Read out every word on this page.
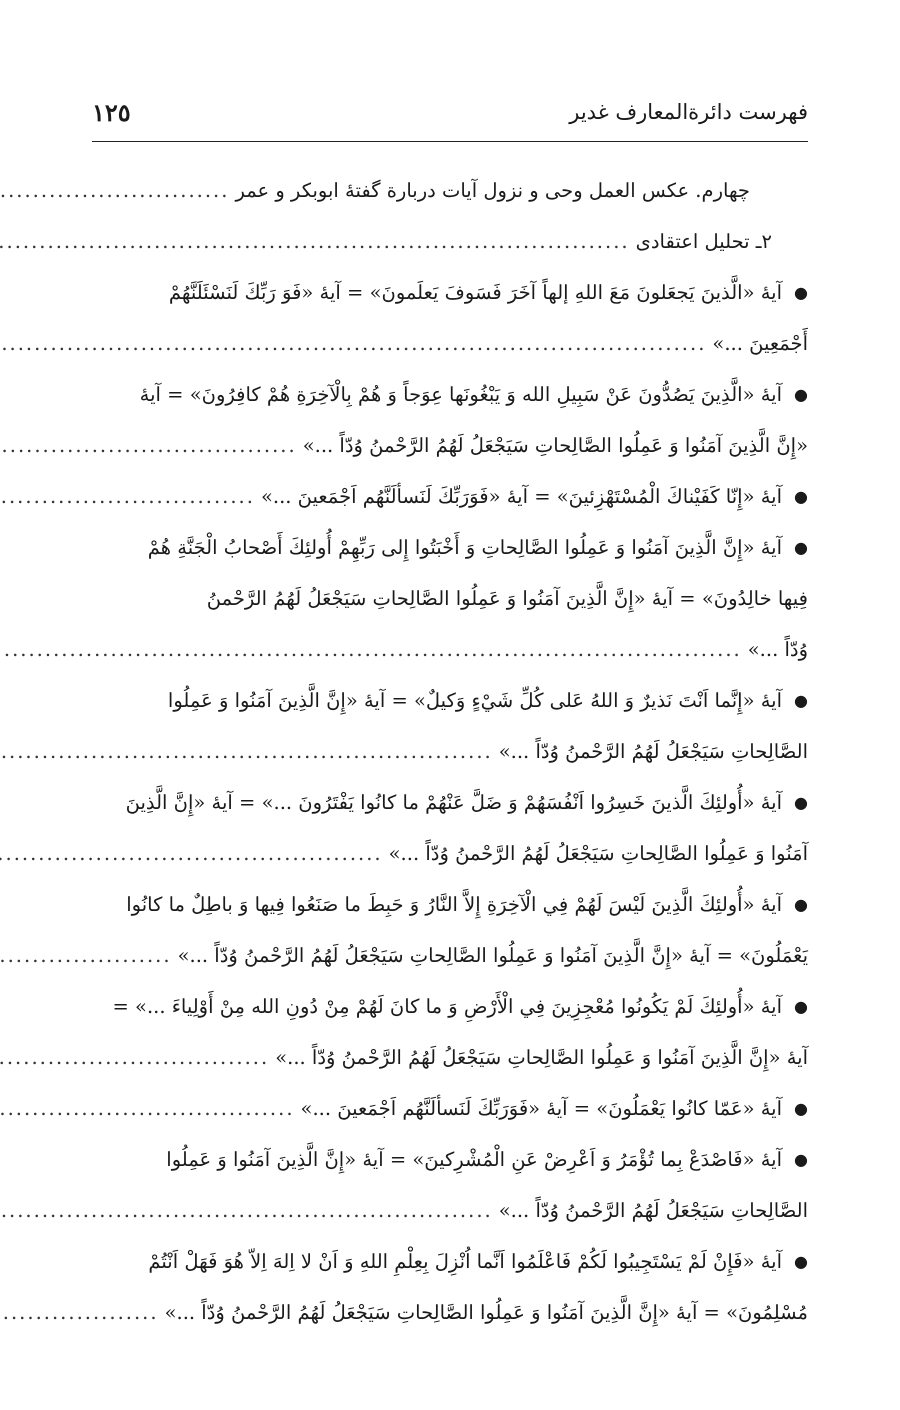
١٢٥	فهرست دائرةالمعارف غدير
چهارم. عكس العمل وحی و نزول آيات دربارة گفتهٔ ابوبكر و عمر
.....
٢ـ تحليل اعتقادی
.....
●
آيهٔ «الَّذينَ يَجعَلونَ مَعَ اللهِ إلهاً آخَرَ فَسَوفَ يَعلَمونَ» = آيهٔ «فَوَ رَبِّكَ لَنَسْئَلَنَّهُمْ
أَجْمَعِينَ ...»
.....
●
آيهٔ «الَّذِينَ يَصُدُّونَ عَنْ سَبِيلِ الله وَ يَبْغُونَها عِوَجاً وَ هُمْ بِالْآخِرَةِ هُمْ كافِرُونَ» = آيهٔ
«إِنَّ الَّذِينَ آمَنُوا وَ عَمِلُوا الصَّالِحاتِ سَيَجْعَلُ لَهُمُ الرَّحْمنُ وُدّاً ...»
.....
●
آيهٔ «إِنّا كَفَيْناكَ الْمُسْتَهْزِئينَ» = آيهٔ «فَوَرَبِّكَ لَنَسألَنَّهُم اَجْمَعينَ ...»
.....
●
آيهٔ «إِنَّ الَّذِينَ آمَنُوا وَ عَمِلُوا الصَّالِحاتِ وَ أَخْبَتُوا إِلى رَبِّهِمْ أُولئِكَ أَصْحابُ الْجَنَّةِ هُمْ
فِيها خالِدُونَ» = آيهٔ «إِنَّ الَّذِينَ آمَنُوا وَ عَمِلُوا الصَّالِحاتِ سَيَجْعَلُ لَهُمُ الرَّحْمنُ
وُدّاً ...»
.....
●
آيهٔ «إِنَّما اَنْتَ نَذيرٌ وَ اللهُ عَلى كُلِّ شَيْءٍ وَكيلٌ» = آيهٔ «إِنَّ الَّذِينَ آمَنُوا وَ عَمِلُوا
الصَّالِحاتِ سَيَجْعَلُ لَهُمُ الرَّحْمنُ وُدّاً ...»
.....
●
آيهٔ «أُولئِكَ الَّذينَ خَسِرُوا اَنْفُسَهُمْ وَ ضَلَّ عَنْهُمْ ما كانُوا يَفْتَرُونَ ...» = آيهٔ «إِنَّ الَّذِينَ
آمَنُوا وَ عَمِلُوا الصَّالِحاتِ سَيَجْعَلُ لَهُمُ الرَّحْمنُ وُدّاً ...»
.....
●
آيهٔ «أُولئِكَ الَّذِينَ لَيْسَ لَهُمْ فِي الْآخِرَةِ إِلاَّ النَّارُ وَ حَبِطَ ما صَنَعُوا فِيها وَ باطِلٌ ما كانُوا
يَعْمَلُونَ» = آيهٔ «إِنَّ الَّذِينَ آمَنُوا وَ عَمِلُوا الصَّالِحاتِ سَيَجْعَلُ لَهُمُ الرَّحْمنُ وُدّاً ...»
.....
●
آيهٔ «أُولئِكَ لَمْ يَكُونُوا مُعْجِزِينَ فِي الْأَرْضِ وَ ما كانَ لَهُمْ مِنْ دُونِ الله مِنْ أَوْلِياءَ ...» =
آيهٔ «إِنَّ الَّذِينَ آمَنُوا وَ عَمِلُوا الصَّالِحاتِ سَيَجْعَلُ لَهُمُ الرَّحْمنُ وُدّاً ...»
.....
●
آيهٔ «عَمّا كانُوا يَعْمَلُونَ» = آيهٔ «فَوَرَبِّكَ لَنَسألَنَّهُم اَجْمَعينَ ...»
.....
●
آيهٔ «فَاصْدَعْ بِما تُؤْمَرُ وَ اَعْرِضْ عَنِ الْمُشْرِكينَ» = آيهٔ «إِنَّ الَّذِينَ آمَنُوا وَ عَمِلُوا
الصَّالِحاتِ سَيَجْعَلُ لَهُمُ الرَّحْمنُ وُدّاً ...»
.....
●
آيهٔ «فَإِنْ لَمْ يَسْتَجِيبُوا لَكُمْ فَاعْلَمُوا اَنَّما اُنْزِلَ بِعِلْمِ اللهِ وَ اَنْ لا اِلهَ اِلاّ هُوَ فَهَلْ اَنْتُمْ
مُسْلِمُونَ» = آيهٔ «إِنَّ الَّذِينَ آمَنُوا وَ عَمِلُوا الصَّالِحاتِ سَيَجْعَلُ لَهُمُ الرَّحْمنُ وُدّاً ...»
.....
